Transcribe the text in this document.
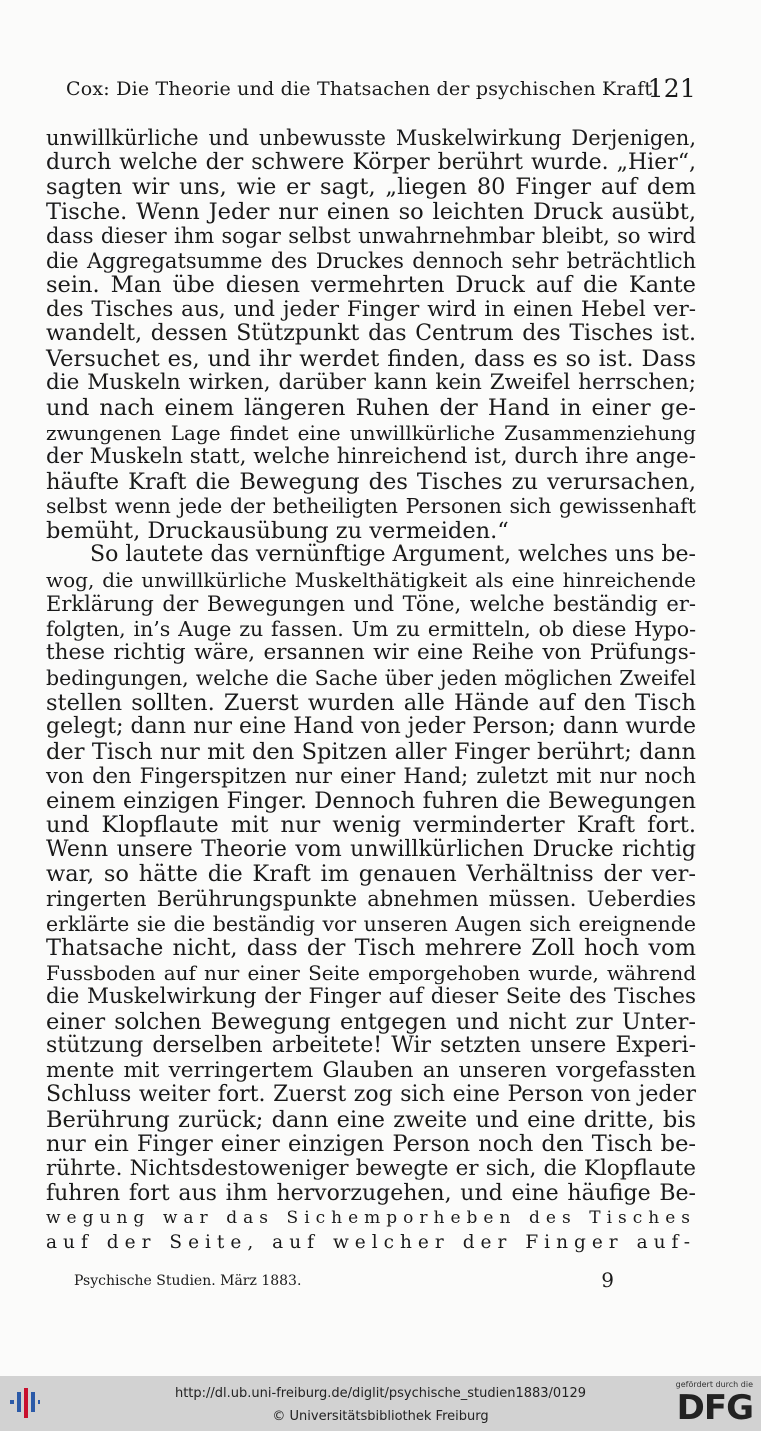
Cox: Die Theorie und die Thatsachen der psychischen Kraft.
121
unwillkürliche und unbewusste Muskelwirkung Derjenigen,
durch welche der schwere Körper berührt wurde. „Hier“,
sagten wir uns, wie er sagt, „liegen 80 Finger auf dem
Tische. Wenn Jeder nur einen so leichten Druck ausübt,
dass dieser ihm sogar selbst unwahrnehmbar bleibt, so wird
die Aggregatsumme des Druckes dennoch sehr beträchtlich
sein. Man übe diesen vermehrten Druck auf die Kante
des Tisches aus, und jeder Finger wird in einen Hebel ver-
wandelt, dessen Stützpunkt das Centrum des Tisches ist.
Versuchet es, und ihr werdet finden, dass es so ist. Dass
die Muskeln wirken, darüber kann kein Zweifel herrschen;
und nach einem längeren Ruhen der Hand in einer ge-
zwungenen Lage findet eine unwillkürliche Zusammenziehung
der Muskeln statt, welche hinreichend ist, durch ihre ange-
häufte Kraft die Bewegung des Tisches zu verursachen,
selbst wenn jede der betheiligten Personen sich gewissenhaft
bemüht, Druckausübung zu vermeiden.“
So lautete das vernünftige Argument, welches uns be-
wog, die unwillkürliche Muskelthätigkeit als eine hinreichende
Erklärung der Bewegungen und Töne, welche beständig er-
folgten, in’s Auge zu fassen. Um zu ermitteln, ob diese Hypo-
these richtig wäre, ersannen wir eine Reihe von Prüfungs-
bedingungen, welche die Sache über jeden möglichen Zweifel
stellen sollten. Zuerst wurden alle Hände auf den Tisch
gelegt; dann nur eine Hand von jeder Person; dann wurde
der Tisch nur mit den Spitzen aller Finger berührt; dann
von den Fingerspitzen nur einer Hand; zuletzt mit nur noch
einem einzigen Finger. Dennoch fuhren die Bewegungen
und Klopflaute mit nur wenig verminderter Kraft fort.
Wenn unsere Theorie vom unwillkürlichen Drucke richtig
war, so hätte die Kraft im genauen Verhältniss der ver-
ringerten Berührungspunkte abnehmen müssen. Ueberdies
erklärte sie die beständig vor unseren Augen sich ereignende
Thatsache nicht, dass der Tisch mehrere Zoll hoch vom
Fussboden auf nur einer Seite emporgehoben wurde, während
die Muskelwirkung der Finger auf dieser Seite des Tisches
einer solchen Bewegung entgegen und nicht zur Unter-
stützung derselben arbeitete! Wir setzten unsere Experi-
mente mit verringertem Glauben an unseren vorgefassten
Schluss weiter fort. Zuerst zog sich eine Person von jeder
Berührung zurück; dann eine zweite und eine dritte, bis
nur ein Finger einer einzigen Person noch den Tisch be-
rührte. Nichtsdestoweniger bewegte er sich, die Klopflaute
fuhren fort aus ihm hervorzugehen, und eine häufige Be-
wegung war das Sichemporheben des Tisches
auf der Seite, auf welcher der Finger auf-
Psychische Studien. März 1883.	9
http://dl.ub.uni-freiburg.de/diglit/psychische_studien1883/0129
© Universitätsbibliothek Freiburg
gefördert durch die
DFG
